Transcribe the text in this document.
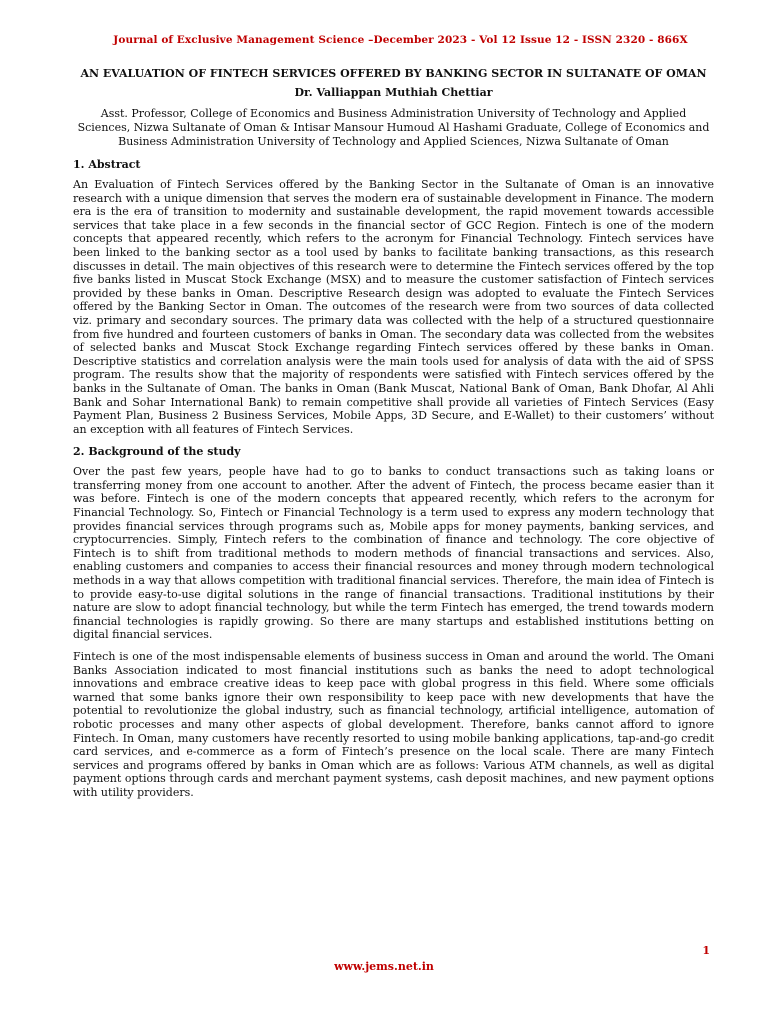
Journal of Exclusive Management Science –December 2023 - Vol 12 Issue 12 - ISSN 2320 - 866X
AN EVALUATION OF FINTECH SERVICES OFFERED BY BANKING SECTOR IN SULTANATE OF OMAN
Dr. Valliappan Muthiah Chettiar
Asst. Professor, College of Economics and Business Administration University of Technology and Applied Sciences, Nizwa Sultanate of Oman & Intisar Mansour Humoud Al Hashami Graduate, College of Economics and Business Administration University of Technology and Applied Sciences, Nizwa Sultanate of Oman
1. Abstract

An Evaluation of Fintech Services offered by the Banking Sector in the Sultanate of Oman is an innovative research with a unique dimension that serves the modern era of sustainable development in Finance. The modern era is the era of transition to modernity and sustainable development, the rapid movement towards accessible services that take place in a few seconds in the financial sector of GCC Region. Fintech is one of the modern concepts that appeared recently, which refers to the acronym for Financial Technology. Fintech services have been linked to the banking sector as a tool used by banks to facilitate banking transactions, as this research discusses in detail. The main objectives of this research were to determine the Fintech services offered by the top five banks listed in Muscat Stock Exchange (MSX) and to measure the customer satisfaction of Fintech services provided by these banks in Oman. Descriptive Research design was adopted to evaluate the Fintech Services offered by the Banking Sector in Oman. The outcomes of the research were from two sources of data collected viz. primary and secondary sources. The primary data was collected with the help of a structured questionnaire from five hundred and fourteen customers of banks in Oman. The secondary data was collected from the websites of selected banks and Muscat Stock Exchange regarding Fintech services offered by these banks in Oman. Descriptive statistics and correlation analysis were the main tools used for analysis of data with the aid of SPSS program. The results show that the majority of respondents were satisfied with Fintech services offered by the banks in the Sultanate of Oman. The banks in Oman (Bank Muscat, National Bank of Oman, Bank Dhofar, Al Ahli Bank and Sohar International Bank) to remain competitive shall provide all varieties of Fintech Services (Easy Payment Plan, Business 2 Business Services, Mobile Apps, 3D Secure, and E-Wallet) to their customers’ without an exception with all features of Fintech Services.

2. Background of the study

Over the past few years, people have had to go to banks to conduct transactions such as taking loans or transferring money from one account to another. After the advent of Fintech, the process became easier than it was before. Fintech is one of the modern concepts that appeared recently, which refers to the acronym for Financial Technology. So, Fintech or Financial Technology is a term used to express any modern technology that provides financial services through programs such as, Mobile apps for money payments, banking services, and cryptocurrencies. Simply, Fintech refers to the combination of finance and technology. The core objective of Fintech is to shift from traditional methods to modern methods of financial transactions and services. Also, enabling customers and companies to access their financial resources and money through modern technological methods in a way that allows competition with traditional financial services. Therefore, the main idea of Fintech is to provide easy-to-use digital solutions in the range of financial transactions. Traditional institutions by their nature are slow to adopt financial technology, but while the term Fintech has emerged, the trend towards modern financial technologies is rapidly growing. So there are many startups and established institutions betting on digital financial services.

Fintech is one of the most indispensable elements of business success in Oman and around the world. The Omani Banks Association indicated to most financial institutions such as banks the need to adopt technological innovations and embrace creative ideas to keep pace with global progress in this field. Where some officials warned that some banks ignore their own responsibility to keep pace with new developments that have the potential to revolutionize the global industry, such as financial technology, artificial intelligence, automation of robotic processes and many other aspects of global development. Therefore, banks cannot afford to ignore Fintech. In Oman, many customers have recently resorted to using mobile banking applications, tap-and-go credit card services, and e-commerce as a form of Fintech’s presence on the local scale. There are many Fintech services and programs offered by banks in Oman which are as follows: Various ATM channels, as well as digital payment options through cards and merchant payment systems, cash deposit machines, and new payment options with utility providers.

1
www.jems.net.in
